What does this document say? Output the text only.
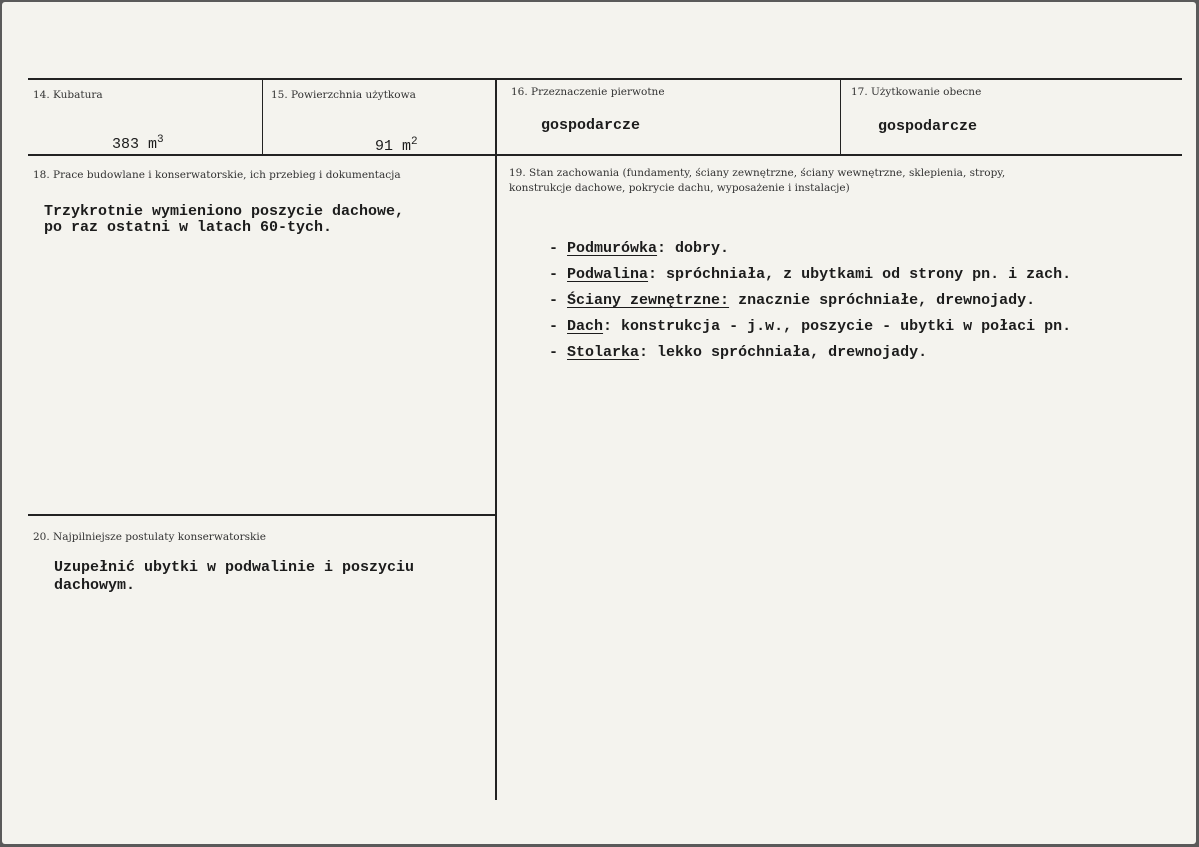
14. Kubatura

383 $m^3$

15. Powierzchnia użytkowa

91 $m^2$

16. Przeznaczenie pierwotne
gospodarcze
17. Użytkowanie obecne
gospodarcze
18. Prace budowlane i konserwatorskie, ich przebieg i dokumentacja
Trzykrotnie wymieniono poszycie dachowe,
po raz ostatni w latach 60-tych.
19. Stan zachowania (fundamenty, ściany zewnętrzne, ściany wewnętrzne, sklepienia, stropy,
konstrukcje dachowe, pokrycie dachu, wyposażenie i instalacje)

- Podmurówka: dobry.

- Podwalina: spróchniała, z ubytkami od strony pn. i zach.

- Ściany zewnętrzne: znacznie spróchniałe, drewnojady.

- Dach: konstrukcja - j.w., poszycie - ubytki w połaci pn.

- Stolarka: lekko spróchniała, drewnojady.

20. Najpilniejsze postulaty konserwatorskie
Uzupełnić ubytki w podwalinie i poszyciu
dachowym.
